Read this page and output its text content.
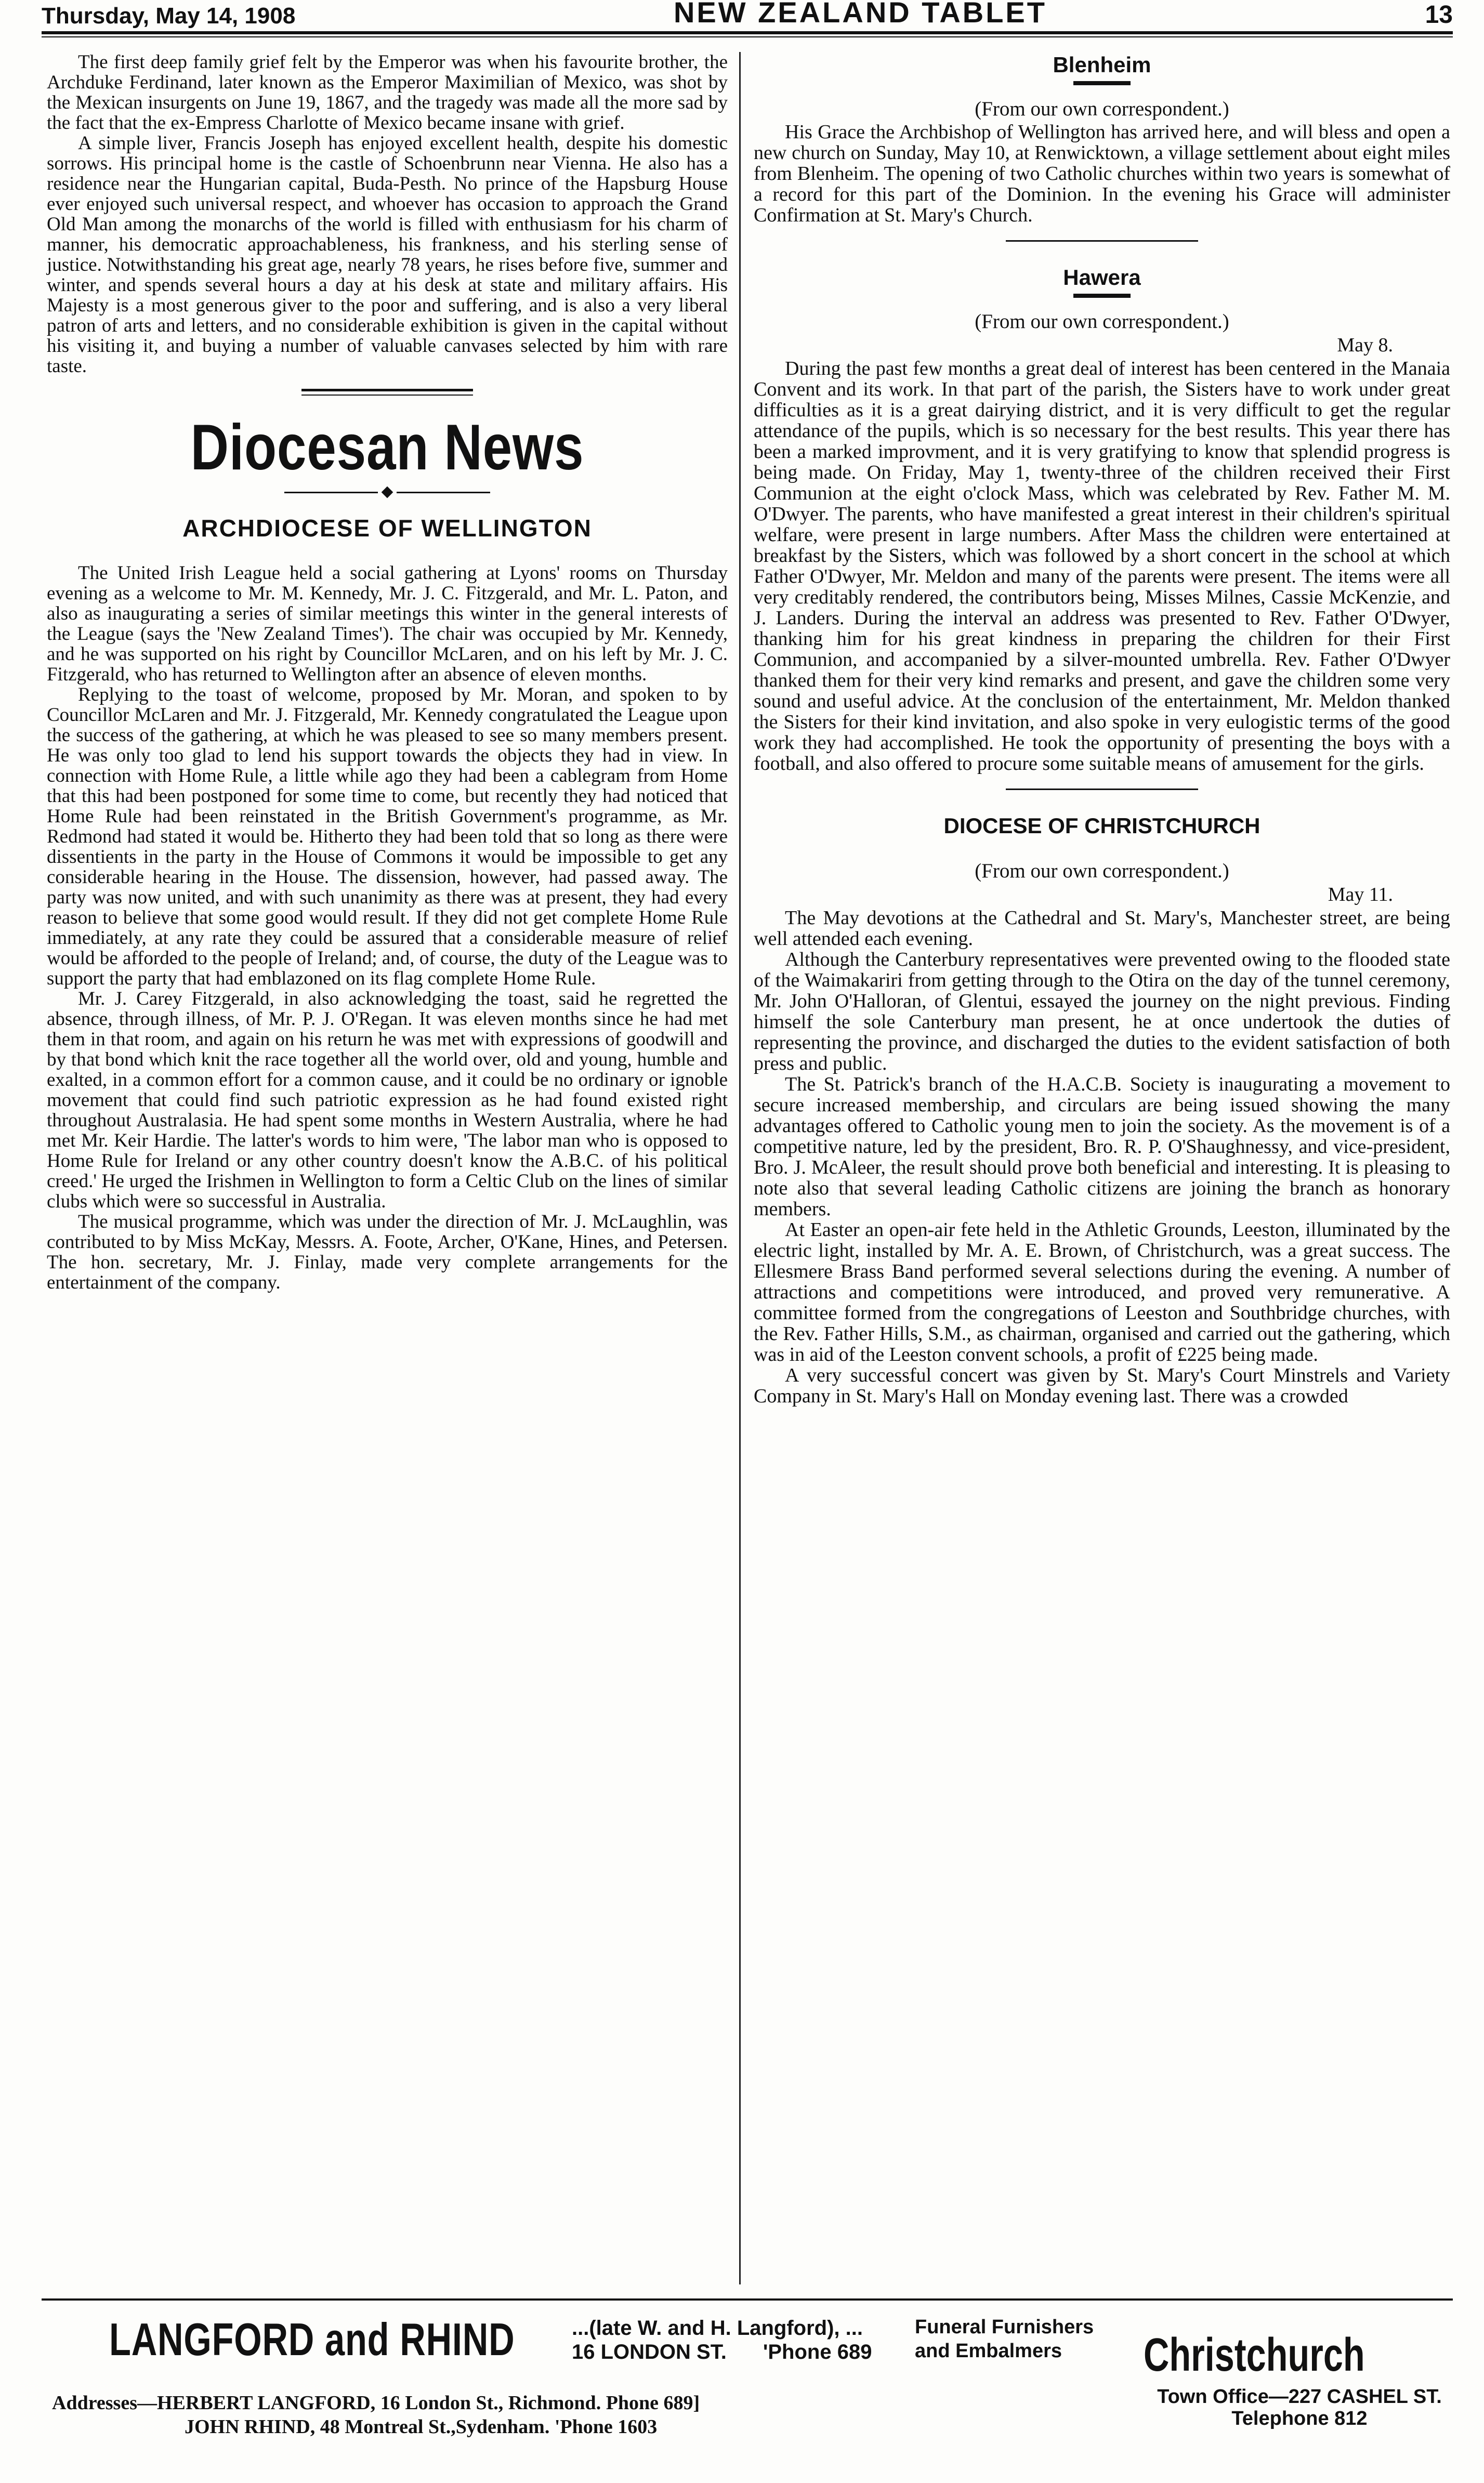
Thursday, May 14, 1908	NEW ZEALAND TABLET	13

The first deep family grief felt by the Emperor was when his favourite brother, the Archduke Ferdinand, later known as the Emperor Maximilian of Mexico, was shot by the Mexican insurgents on June 19, 1867, and the tragedy was made all the more sad by the fact that the ex-Empress Charlotte of Mexico became insane with grief.

A simple liver, Francis Joseph has enjoyed excellent health, despite his domestic sorrows. His principal home is the castle of Schoenbrunn near Vienna. He also has a residence near the Hungarian capital, Buda-Pesth. No prince of the Hapsburg House ever enjoyed such universal respect, and whoever has occasion to approach the Grand Old Man among the monarchs of the world is filled with enthusiasm for his charm of manner, his democratic approachableness, his frankness, and his sterling sense of justice. Notwithstanding his great age, nearly 78 years, he rises before five, summer and winter, and spends several hours a day at his desk at state and military affairs. His Majesty is a most generous giver to the poor and suffering, and is also a very liberal patron of arts and letters, and no considerable exhibition is given in the capital without his visiting it, and buying a number of valuable canvases selected by him with rare taste.

Diocesan News
ARCHDIOCESE OF WELLINGTON

The United Irish League held a social gathering at Lyons' rooms on Thursday evening as a welcome to Mr. M. Kennedy, Mr. J. C. Fitzgerald, and Mr. L. Paton, and also as inaugurating a series of similar meetings this winter in the general interests of the League (says the 'New Zealand Times'). The chair was occupied by Mr. Kennedy, and he was supported on his right by Councillor McLaren, and on his left by Mr. J. C. Fitzgerald, who has returned to Wellington after an absence of eleven months.

Replying to the toast of welcome, proposed by Mr. Moran, and spoken to by Councillor McLaren and Mr. J. Fitzgerald, Mr. Kennedy congratulated the League upon the success of the gathering, at which he was pleased to see so many members present. He was only too glad to lend his support towards the objects they had in view. In connection with Home Rule, a little while ago they had been a cablegram from Home that this had been postponed for some time to come, but recently they had noticed that Home Rule had been reinstated in the British Government's programme, as Mr. Redmond had stated it would be. Hitherto they had been told that so long as there were dissentients in the party in the House of Commons it would be impossible to get any considerable hearing in the House. The dissension, however, had passed away. The party was now united, and with such unanimity as there was at present, they had every reason to believe that some good would result. If they did not get complete Home Rule immediately, at any rate they could be assured that a considerable measure of relief would be afforded to the people of Ireland; and, of course, the duty of the League was to support the party that had emblazoned on its flag complete Home Rule.

Mr. J. Carey Fitzgerald, in also acknowledging the toast, said he regretted the absence, through illness, of Mr. P. J. O'Regan. It was eleven months since he had met them in that room, and again on his return he was met with expressions of goodwill and by that bond which knit the race together all the world over, old and young, humble and exalted, in a common effort for a common cause, and it could be no ordinary or ignoble movement that could find such patriotic expression as he had found existed right throughout Australasia. He had spent some months in Western Australia, where he had met Mr. Keir Hardie. The latter's words to him were, 'The labor man who is opposed to Home Rule for Ireland or any other country doesn't know the A.B.C. of his political creed.' He urged the Irishmen in Wellington to form a Celtic Club on the lines of similar clubs which were so successful in Australia.

The musical programme, which was under the direction of Mr. J. McLaughlin, was contributed to by Miss McKay, Messrs. A. Foote, Archer, O'Kane, Hines, and Petersen. The hon. secretary, Mr. J. Finlay, made very complete arrangements for the entertainment of the company.

Blenheim
(From our own correspondent.)

His Grace the Archbishop of Wellington has arrived here, and will bless and open a new church on Sunday, May 10, at Renwicktown, a village settlement about eight miles from Blenheim. The opening of two Catholic churches within two years is somewhat of a record for this part of the Dominion. In the evening his Grace will administer Confirmation at St. Mary's Church.

Hawera
(From our own correspondent.)
May 8.

During the past few months a great deal of interest has been centered in the Manaia Convent and its work. In that part of the parish, the Sisters have to work under great difficulties as it is a great dairying district, and it is very difficult to get the regular attendance of the pupils, which is so necessary for the best results. This year there has been a marked improvment, and it is very gratifying to know that splendid progress is being made. On Friday, May 1, twenty-three of the children received their First Communion at the eight o'clock Mass, which was celebrated by Rev. Father M. M. O'Dwyer. The parents, who have manifested a great interest in their children's spiritual welfare, were present in large numbers. After Mass the children were entertained at breakfast by the Sisters, which was followed by a short concert in the school at which Father O'Dwyer, Mr. Meldon and many of the parents were present. The items were all very creditably rendered, the contributors being, Misses Milnes, Cassie McKenzie, and J. Landers. During the interval an address was presented to Rev. Father O'Dwyer, thanking him for his great kindness in preparing the children for their First Communion, and accompanied by a silver-mounted umbrella. Rev. Father O'Dwyer thanked them for their very kind remarks and present, and gave the children some very sound and useful advice. At the conclusion of the entertainment, Mr. Meldon thanked the Sisters for their kind invitation, and also spoke in very eulogistic terms of the good work they had accomplished. He took the opportunity of presenting the boys with a football, and also offered to procure some suitable means of amusement for the girls.

DIOCESE OF CHRISTCHURCH
(From our own correspondent.)
May 11.

The May devotions at the Cathedral and St. Mary's, Manchester street, are being well attended each evening.

Although the Canterbury representatives were prevented owing to the flooded state of the Waimakariri from getting through to the Otira on the day of the tunnel ceremony, Mr. John O'Halloran, of Glentui, essayed the journey on the night previous. Finding himself the sole Canterbury man present, he at once undertook the duties of representing the province, and discharged the duties to the evident satisfaction of both press and public.

The St. Patrick's branch of the H.A.C.B. Society is inaugurating a movement to secure increased membership, and circulars are being issued showing the many advantages offered to Catholic young men to join the society. As the movement is of a competitive nature, led by the president, Bro. R. P. O'Shaughnessy, and vice-president, Bro. J. McAleer, the result should prove both beneficial and interesting. It is pleasing to note also that several leading Catholic citizens are joining the branch as honorary members.

At Easter an open-air fete held in the Athletic Grounds, Leeston, illuminated by the electric light, installed by Mr. A. E. Brown, of Christchurch, was a great success. The Ellesmere Brass Band performed several selections during the evening. A number of attractions and competitions were introduced, and proved very remunerative. A committee formed from the congregations of Leeston and Southbridge churches, with the Rev. Father Hills, S.M., as chairman, organised and carried out the gathering, which was in aid of the Leeston convent schools, a profit of £225 being made.

A very successful concert was given by St. Mary's Court Minstrels and Variety Company in St. Mary's Hall on Monday evening last. There was a crowded

LANGFORD and RHIND	...(late W. and H. Langford), ...
16 LONDON ST. 'Phone 689
Funeral Furnishers
and Embalmers	Christchurch
Town Office—227 CASHEL ST.
Telephone 812
Addresses—HERBERT LANGFORD, 16 London St., Richmond. Phone 689]
JOHN RHIND, 48 Montreal St.,Sydenham. 'Phone 1603
